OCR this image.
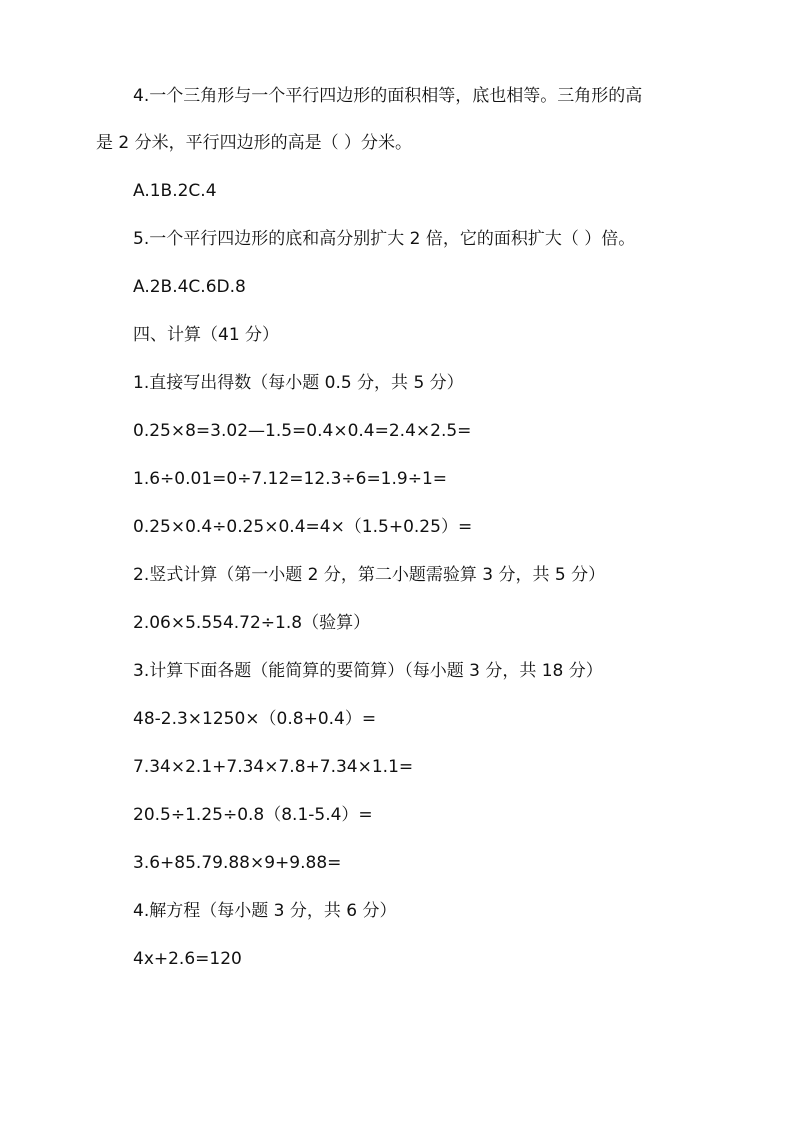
4.一个三角形与一个平行四边形的面积相等，底也相等。三角形的高
是 2 分米，平行四边形的高是（ ）分米。
A.1B.2C.4
5.一个平行四边形的底和高分别扩大 2 倍，它的面积扩大（ ）倍。
A.2B.4C.6D.8
四、计算（41 分）
1.直接写出得数（每小题 0.5 分，共 5 分）
0.25×8=3.02—1.5=0.4×0.4=2.4×2.5=
1.6÷0.01=0÷7.12=12.3÷6=1.9÷1=
0.25×0.4÷0.25×0.4=4×（1.5+0.25）=
2.竖式计算（第一小题 2 分，第二小题需验算 3 分，共 5 分）
2.06×5.554.72÷1.8（验算）
3.计算下面各题（能简算的要简算）（每小题 3 分，共 18 分）
48-2.3×1250×（0.8+0.4）=
7.34×2.1+7.34×7.8+7.34×1.1=
20.5÷1.25÷0.8（8.1-5.4）=
3.6+85.79.88×9+9.88=
4.解方程（每小题 3 分，共 6 分）
4x+2.6=120
